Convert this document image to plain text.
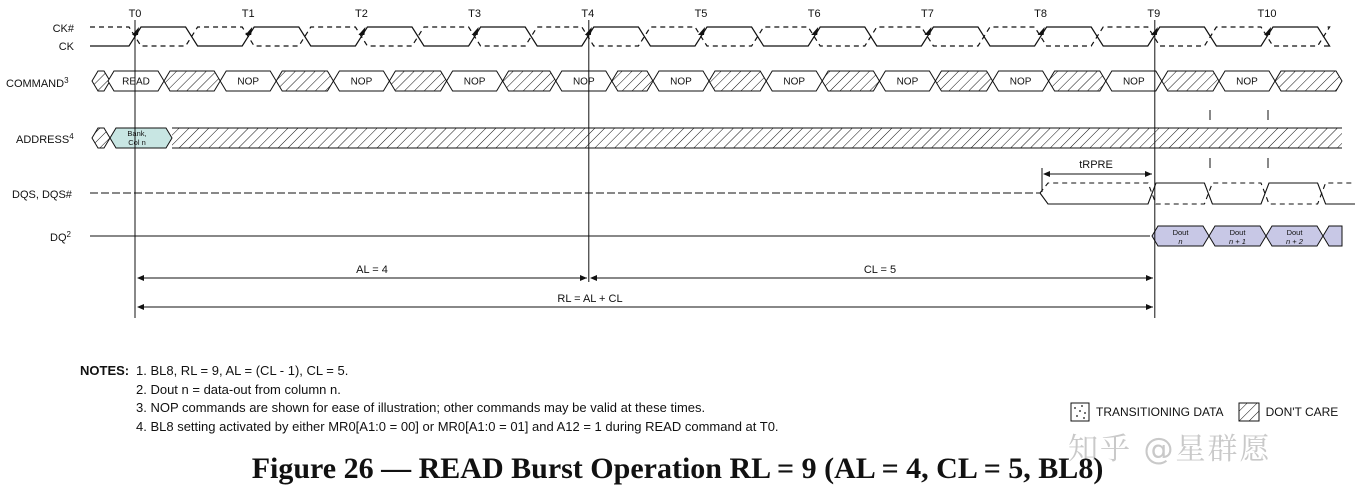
CK#
CK
COMMAND$^3$
ADDRESS$^4$
DQS, DQS#
$DQ^2$
T0	T1	T2	T3	T4	T5	T6	T7	T8	T9	T10
READ	NOP	NOP	NOP	NOP	NOP	NOP	NOP	NOP	NOP	NOP
Bank,
Col n
Dout
n
Dout
n + 1
Dout
n + 2
tRPRE
AL = 4	CL = 5
RL = AL + CL
NOTES: 1. BL8, RL = 9, AL = (CL - 1), CL = 5.
2. Dout n = data-out from column n.
3. NOP commands are shown for ease of illustration; other commands may be valid at these times.
4. BL8 setting activated by either MR0[A1:0 = 00] or MR0[A1:0 = 01] and A12 = 1 during READ command at T0.
TRANSITIONING DATA	DON'T CARE
知乎 @星群愿
Figure 26 — READ Burst Operation RL = 9 (AL = 4, CL = 5, BL8)
